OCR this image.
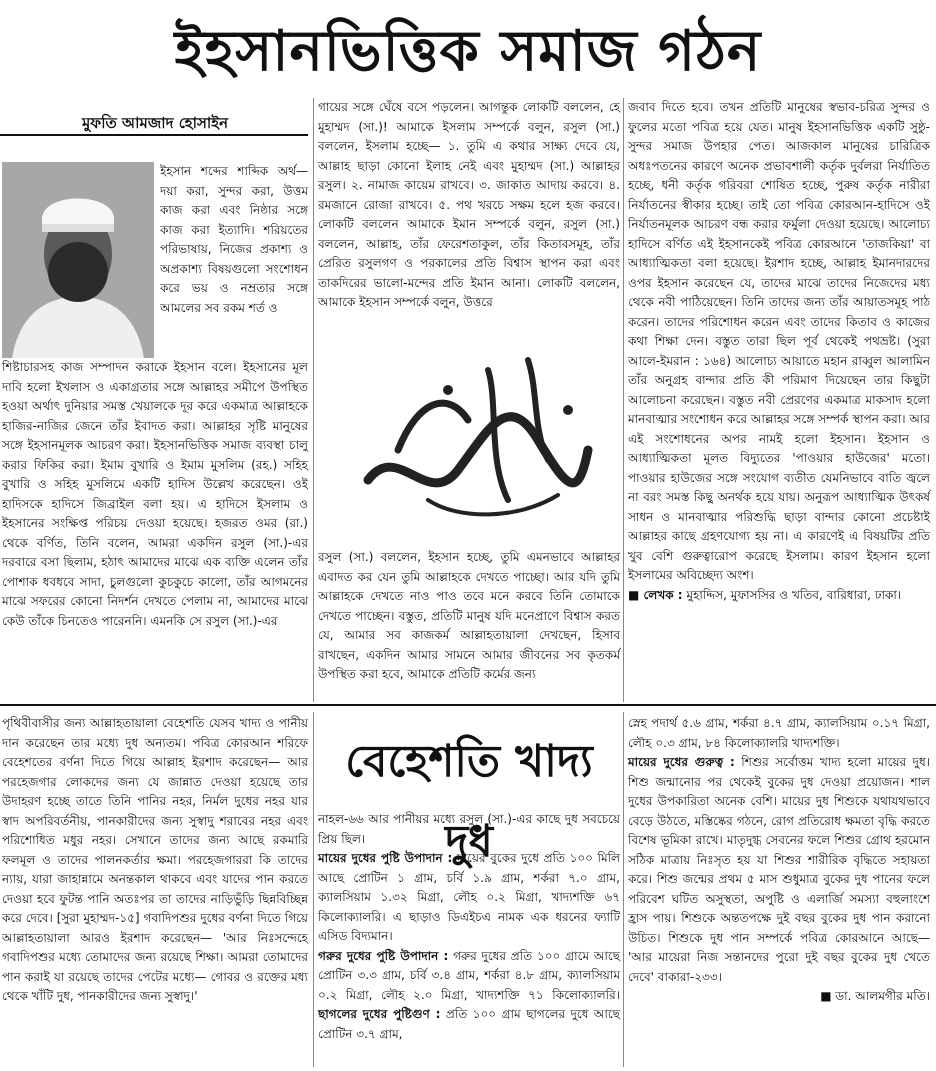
ইহসানভিত্তিক সমাজ গঠন
মুফতি আমজাদ হোসাইন

ইহসান শব্দের শাব্দিক অর্থ— দয়া করা, সুন্দর করা, উত্তম কাজ করা এবং নিষ্ঠার সঙ্গে কাজ করা ইত্যাদি। শরিয়তের পরিভাষায়, নিজের প্রকাশ্য ও অপ্রকাশ্য বিষয়গুলো সংশোধন করে ভয় ও নম্রতার সঙ্গে আমলের সব রকম শর্ত ও

শিষ্টাচারসহ কাজ সম্পাদন করাকে ইহসান বলে। ইহসানের মূল দাবি হলো ইখলাস ও একাগ্রতার সঙ্গে আল্লাহর সমীপে উপস্থিত হওয়া অর্থাৎ দুনিয়ার সমস্ত খেয়ালকে দূর করে একমাত্র আল্লাহকে হাজির-নাজির জেনে তাঁর ইবাদত করা। আল্লাহর সৃষ্টি মানুষের সঙ্গে ইহসানমূলক আচরণ করা। ইহসানভিত্তিক সমাজ ব্যবস্থা চালু করার ফিকির করা। ইমাম বুখারি ও ইমাম মুসলিম (রহ.) সহিহ বুখারি ও সহিহ মুসলিমে একটি হাদিস উল্লেখ করেছেন। ওই হাদিসকে হাদিসে জিব্রাইল বলা হয়। এ হাদিসে ইসলাম ও ইহসানের সংক্ষিপ্ত পরিচয় দেওয়া হয়েছে। হজরত ওমর (রা.) থেকে বর্ণিত, তিনি বলেন, আমরা একদিন রসুল (সা.)-এর দরবারে বসা ছিলাম, হঠাৎ আমাদের মাঝে এক ব্যক্তি এলেন তাঁর পোশাক ধবধবে সাদা, চুলগুলো কুচকুচে কালো, তাঁর আগমনের মাঝে সফরের কোনো নিদর্শন দেখতে পেলাম না, আমাদের মাঝে কেউ তাঁকে চিনতেও পারেননি। এমনকি সে রসুল (সা.)-এর

গায়ের সঙ্গে ঘেঁষে বসে পড়লেন। আগন্তুক লোকটি বললেন, হে মুহাম্মদ (সা.)! আমাকে ইসলাম সম্পর্কে বলুন, রসুল (সা.) বললেন, ইসলাম হচ্ছে— ১. তুমি এ কথার সাক্ষ্য দেবে যে, আল্লাহ ছাড়া কোনো ইলাহ নেই এবং মুহাম্মদ (সা.) আল্লাহর রসুল। ২. নামাজ কায়েম রাখবে। ৩. জাকাত আদায় করবে। ৪. রমজানে রোজা রাখবে। ৫. পথ খরচে সক্ষম হলে হজ করবে। লোকটি বললেন আমাকে ইমান সম্পর্কে বলুন, রসুল (সা.) বললেন, আল্লাহ, তাঁর ফেরেশতাকুল, তাঁর কিতাবসমূহ, তাঁর প্রেরিত রসুলগণ ও পরকালের প্রতি বিশ্বাস স্থাপন করা এবং তাকদিরের ভালো-মন্দের প্রতি ইমান আনা। লোকটি বললেন, আমাকে ইহসান সম্পর্কে বলুন, উত্তরে

রসুল (সা.) বললেন, ইহসান হচ্ছে, তুমি এমনভাবে আল্লাহর এবাদত কর যেন তুমি আল্লাহকে দেখতে পাচ্ছো। আর যদি তুমি আল্লাহকে দেখতে নাও পাও তবে মনে করবে তিনি তোমাকে দেখতে পাচ্ছেন। বস্তুত, প্রতিটি মানুষ যদি মনেপ্রাণে বিশ্বাস করত যে, আমার সব কাজকর্ম আল্লাহতায়ালা দেখছেন, হিসাব রাখছেন, একদিন আমার সামনে আমার জীবনের সব কৃতকর্ম উপস্থিত করা হবে, আমাকে প্রতিটি কর্মের জন্য

জবাব দিতে হবে। তখন প্রতিটি মানুষের স্বভাব-চরিত্র সুন্দর ও ফুলের মতো পবিত্র হয়ে যেত। মানুষ ইহসানভিত্তিক একটি সুষ্ঠু-সুন্দর সমাজ উপহার পেত। আজকাল মানুষের চারিত্রিক অধঃপতনের কারণে অনেক প্রভাবশালী কর্তৃক দুর্বলরা নির্যাতিত হচ্ছে, ধনী কর্তৃক গরিবরা শোষিত হচ্ছে, পুরুষ কর্তৃক নারীরা নির্যাতনের স্বীকার হচ্ছে। তাই তো পবিত্র কোরআন-হাদিসে ওই নির্যাতনমূলক আচরণ বন্ধ করার ফর্মুলা দেওয়া হয়েছে। আলোচ্য হাদিসে বর্ণিত এই ইহসানকেই পবিত্র কোরআনে 'তাজকিয়া' বা আধ্যাত্মিকতা বলা হয়েছে। ইরশাদ হচ্ছে, আল্লাহ ইমানদারদের ওপর ইহসান করেছেন যে, তাদের মাঝে তাদের নিজেদের মধ্য থেকে নবী পাঠিয়েছেন। তিনি তাদের জন্য তাঁর আয়াতসমূহ পাঠ করেন। তাদের পরিশোধন করেন এবং তাদের কিতাব ও কাজের কথা শিক্ষা দেন। বস্তুত তারা ছিল পূর্ব থেকেই পথভ্রষ্ট। (সুরা আলে-ইমরান : ১৬৪) আলোচ্য আয়াতে মহান রাব্বুল আলামিন তাঁর অনুগ্রহ বান্দার প্রতি কী পরিমাণ দিয়েছেন তার কিছুটা আলোচনা করেছেন। বস্তুত নবী প্রেরণের একমাত্র মাকসাদ হলো মানবাত্মার সংশোধন করে আল্লাহর সঙ্গে সম্পর্ক স্থাপন করা। আর এই সংশোধনের অপর নামই হলো ইহসান। ইহসান ও আধ্যাত্মিকতা মূলত বিদ্যুতের 'পাওয়ার হাউজের' মতো। পাওয়ার হাউজের সঙ্গে সংযোগ ব্যতীত যেমনিভাবে বাতি জ্বলে না বরং সমস্ত কিছু অনর্থক হয়ে যায়। অনুরূপ আধ্যাত্মিক উৎকর্ষ সাধন ও মানবাত্মার পরিশুদ্ধি ছাড়া বান্দার কোনো প্রচেষ্টাই আল্লাহর কাছে গ্রহণযোগ্য হয় না। এ কারণেই এ বিষয়টির প্রতি খুব বেশি গুরুত্বারোপ করেছে ইসলাম। কারণ ইহসান হলো ইসলামের অবিচ্ছেদ্য অংশ।

■ লেখক : মুহাদ্দিস, মুফাসসির ও খতিব, বারিধারা, ঢাকা।

পৃথিবীবাসীর জন্য আল্লাহতায়ালা বেহেশতি যেসব খাদ্য ও পানীয় দান করেছেন তার মধ্যে দুধ অন্যতম। পবিত্র কোরআন শরিফে বেহেশতের বর্ণনা দিতে গিয়ে আল্লাহ ইরশাদ করেছেন— আর পরহেজগার লোকদের জন্য যে জান্নাত দেওয়া হয়েছে তার উদাহরণ হচ্ছে তাতে তিনি পানির নহর, নির্মল দুধের নহর যার স্বাদ অপরিবর্তনীয়, পানকারীদের জন্য সুস্বাদু শরাবের নহর এবং পরিশোধিত মধুর নহর। সেখানে তাদের জন্য আছে রকমারি ফলমূল ও তাদের পালনকর্তার ক্ষমা। পরহেজগাররা কি তাদের ন্যায়, যারা জাহান্নামে অনন্তকাল থাকবে এবং যাদের পান করতে দেওয়া হবে ফুটন্ত পানি অতঃপর তা তাদের নাড়িভুঁড়ি ছিন্নবিচ্ছিন্ন করে দেবে। [সুরা মুহাম্মদ-১৫] গবাদিপশুর দুধের বর্ণনা দিতে গিয়ে আল্লাহতায়ালা আরও ইরশাদ করেছেন— 'আর নিঃসন্দেহে গবাদিপশুর মধ্যে তোমাদের জন্য রয়েছে শিক্ষা। আমরা তোমাদের পান করাই যা রয়েছে তাদের পেটের মধ্যে— গোবর ও রক্তের মধ্য থেকে খাঁটি দুধ, পানকারীদের জন্য সুস্বাদু।'

বেহেশতি খাদ্য দুধ

নাহল-৬৬ আর পানীয়র মধ্যে রসুল (সা.)-এর কাছে দুধ সবচেয়ে প্রিয় ছিল।

মায়ের দুধের পুষ্টি উপাদান : মায়ের বুকের দুধে প্রতি ১০০ মিলি আছে প্রোটিন ১ গ্রাম, চর্বি ১.৯ গ্রাম, শর্করা ৭.০ গ্রাম, ক্যালসিয়াম ১.৩২ মিগ্রা, লৌহ ০.২ মিগ্রা, খাদ্যশক্তি ৬৭ কিলোক্যালরি। এ ছাড়াও ডিএইচএ নামক এক ধরনের ফ্যাটি এসিড বিদ্যমান।

গরুর দুধের পুষ্টি উপাদান : গরুর দুধের প্রতি ১০০ গ্রামে আছে প্রোটিন ৩.৩ গ্রাম, চর্বি ৩.৪ গ্রাম, শর্করা ৪.৮ গ্রাম, ক্যালসিয়াম ০.২ মিগ্রা, লৌহ ২.০ মিগ্রা, খাদ্যশক্তি ৭১ কিলোক্যালরি। ছাগলের দুধের পুষ্টিগুণ : প্রতি ১০০ গ্রাম ছাগলের দুধে আছে প্রোটিন ৩.৭ গ্রাম,

স্নেহ পদার্থ ৫.৬ গ্রাম, শর্করা ৪.৭ গ্রাম, ক্যালসিয়াম ০.১৭ মিগ্রা, লৌহ ০.৩ গ্রাম, ৮৪ কিলোক্যালরি খাদ্যশক্তি।

মায়ের দুধের গুরুত্ব : শিশুর সর্বোত্তম খাদ্য হলো মায়ের দুধ। শিশু জন্মানোর পর থেকেই বুকের দুধ দেওয়া প্রয়োজন। শাল দুধের উপকারিতা অনেক বেশি। মায়ের দুধ শিশুকে যথাযথভাবে বেড়ে উঠতে, মস্তিষ্কের গঠনে, রোগ প্রতিরোধ ক্ষমতা বৃদ্ধি করতে বিশেষ ভূমিকা রাখে। মাতৃদুগ্ধ সেবনের ফলে শিশুর গ্রোথ হরমোন সঠিক মাত্রায় নিঃসৃত হয় যা শিশুর শারীরিক বৃদ্ধিতে সহায়তা করে। শিশু জন্মের প্রথম ৫ মাস শুধুমাত্র বুকের দুধ পানের ফলে পরিবেশ ঘটিত অসুস্থতা, অপুষ্টি ও এলার্জি সমস্যা বহুলাংশে হ্রাস পায়। শিশুকে অন্ততপক্ষে দুই বছর বুকের দুধ পান করানো উচিত। শিশুকে দুধ পান সম্পর্কে পবিত্র কোরআনে আছে— 'আর মায়েরা নিজ সন্তানদের পুরো দুই বছর বুকের দুধ খেতে দেবে' বাকারা-২৩৩।

■ ডা. আলমগীর মতি।
